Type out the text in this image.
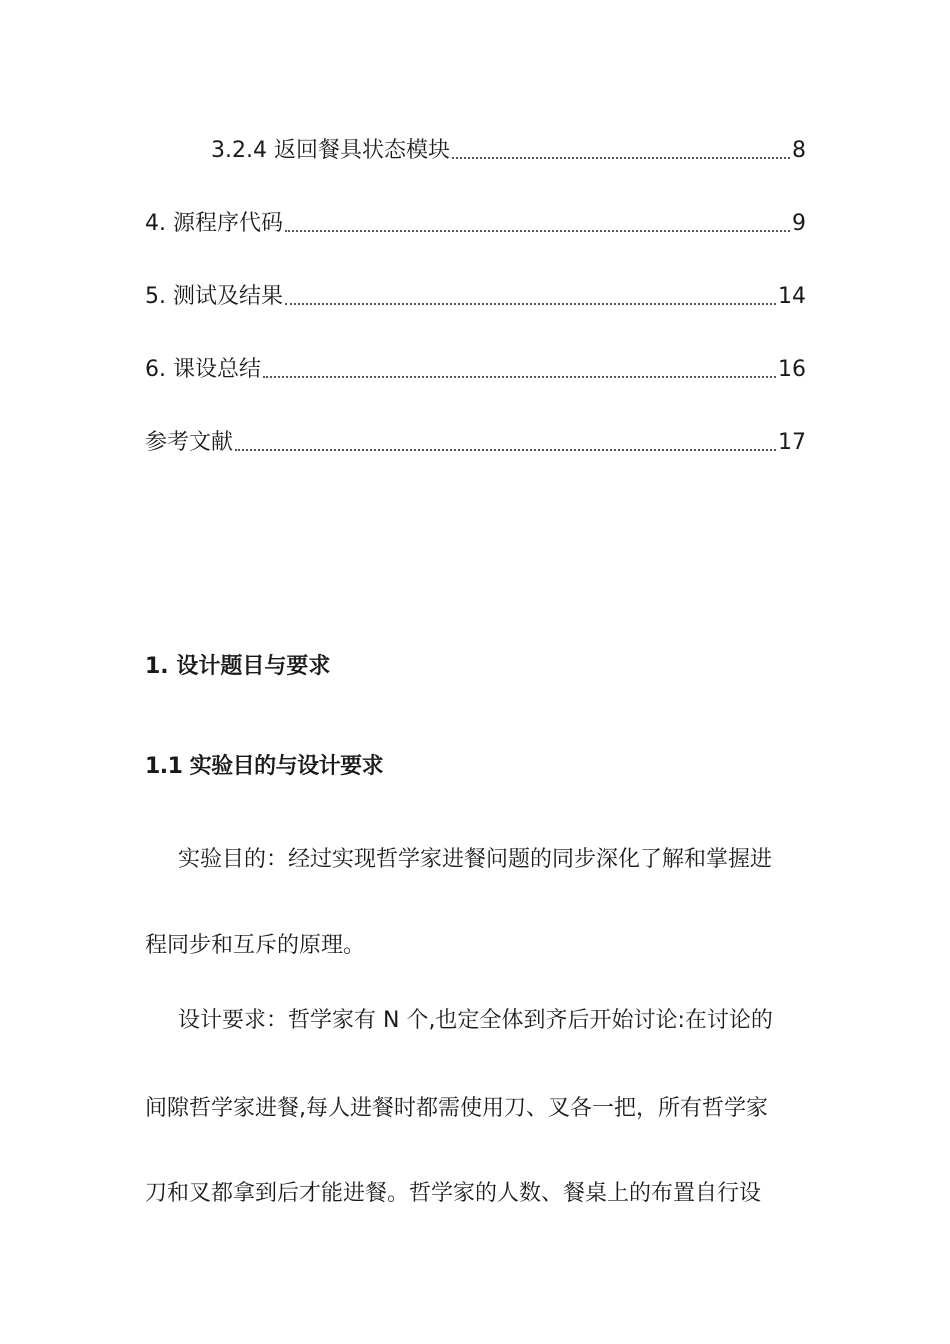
3.2.4 返回餐具状态模块	8
4. 源程序代码	9
5. 测试及结果	14
6. 课设总结	16
参考文献	17
1. 设计题目与要求
1.1 实验目的与设计要求
实验目的：经过实现哲学家进餐问题的同步深化了解和掌握进
程同步和互斥的原理。
设计要求：哲学家有 N 个,也定全体到齐后开始讨论:在讨论的
间隙哲学家进餐,每人进餐时都需使用刀、叉各一把，所有哲学家
刀和叉都拿到后才能进餐。哲学家的人数、餐桌上的布置自行设
